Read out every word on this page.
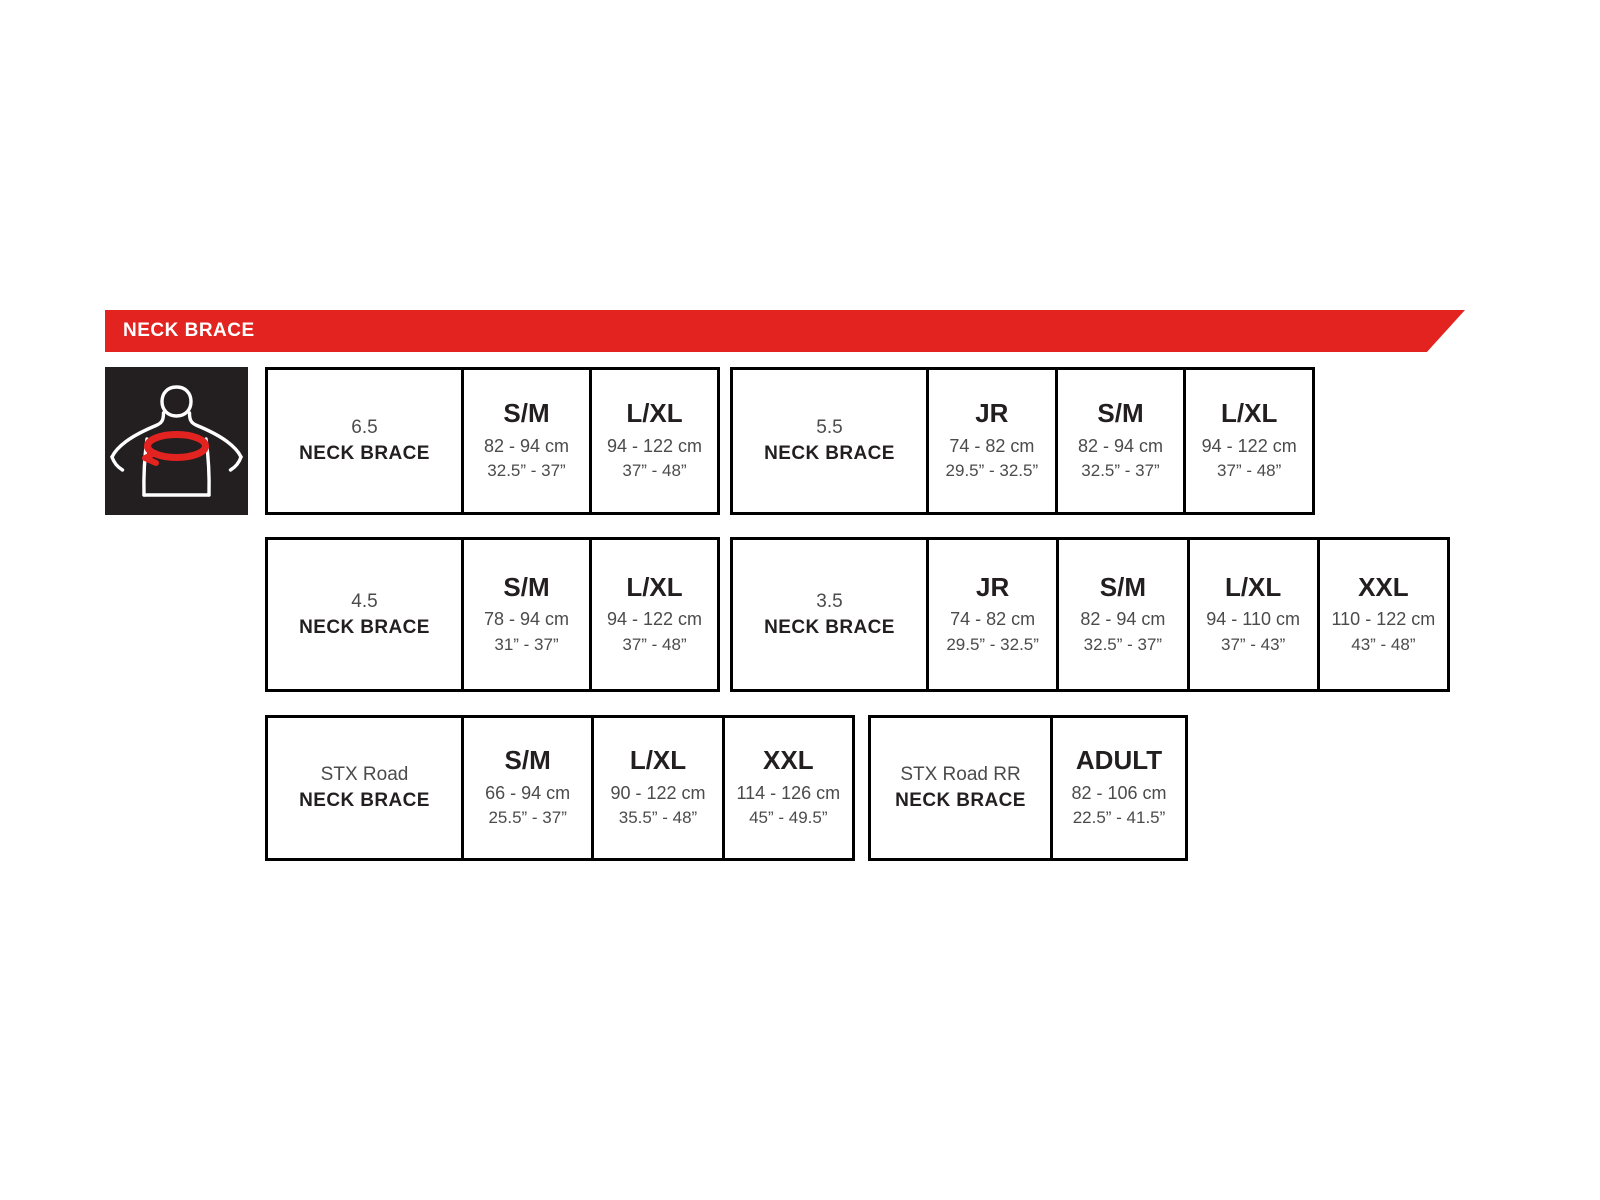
NECK BRACE
6.5
NECK BRACE
S/M
82 - 94 cm
32.5” - 37”
L/XL
94 - 122 cm
37” - 48”
5.5
NECK BRACE
JR
74 - 82 cm
29.5” - 32.5”
S/M
82 - 94 cm
32.5” - 37”
L/XL
94 - 122 cm
37” - 48”
4.5
NECK BRACE
S/M
78 - 94 cm
31” - 37”
L/XL
94 - 122 cm
37” - 48”
3.5
NECK BRACE
JR
74 - 82 cm
29.5” - 32.5”
S/M
82 - 94 cm
32.5” - 37”
L/XL
94 - 110 cm
37” - 43”
XXL
110 - 122 cm
43” - 48”
STX Road
NECK BRACE
S/M
66 - 94 cm
25.5” - 37”
L/XL
90 - 122 cm
35.5” - 48”
XXL
114 - 126 cm
45” - 49.5”
STX Road RR
NECK BRACE
ADULT
82 - 106 cm
22.5” - 41.5”
